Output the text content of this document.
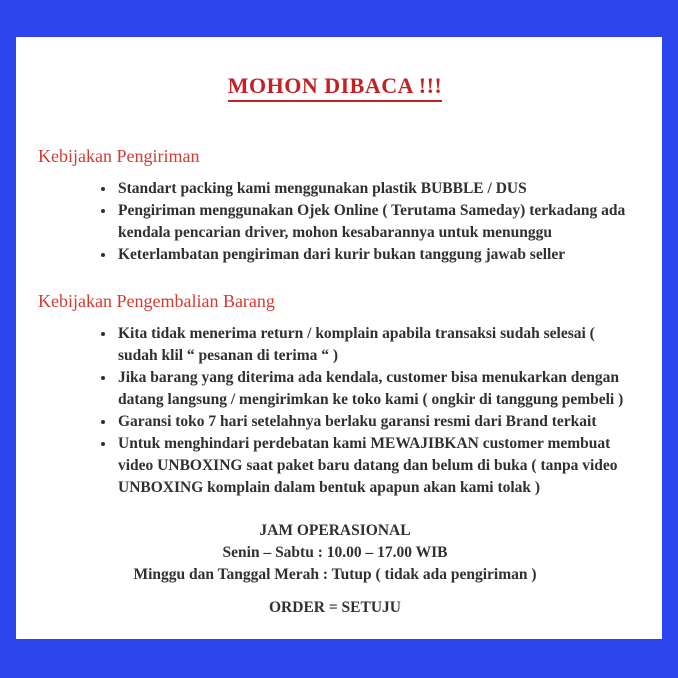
MOHON DIBACA !!!
Kebijakan Pengiriman
• Standart packing kami menggunakan plastik BUBBLE / DUS
• Pengiriman menggunakan Ojek Online ( Terutama Sameday) terkadang ada kendala pencarian driver, mohon kesabarannya untuk menunggu
• Keterlambatan pengiriman dari kurir bukan tanggung jawab seller
Kebijakan Pengembalian Barang
• Kita tidak menerima return / komplain apabila transaksi sudah selesai ( sudah klil “ pesanan di terima “ )
• Jika barang yang diterima ada kendala, customer bisa menukarkan dengan datang langsung / mengirimkan ke toko kami ( ongkir di tanggung pembeli )
• Garansi toko 7 hari setelahnya berlaku garansi resmi dari Brand terkait
• Untuk menghindari perdebatan kami MEWAJIBKAN customer membuat video UNBOXING saat paket baru datang dan belum di buka ( tanpa video UNBOXING komplain dalam bentuk apapun akan kami tolak )
JAM OPERASIONAL
Senin – Sabtu : 10.00 – 17.00 WIB
Minggu dan Tanggal Merah : Tutup ( tidak ada pengiriman )
ORDER = SETUJU
